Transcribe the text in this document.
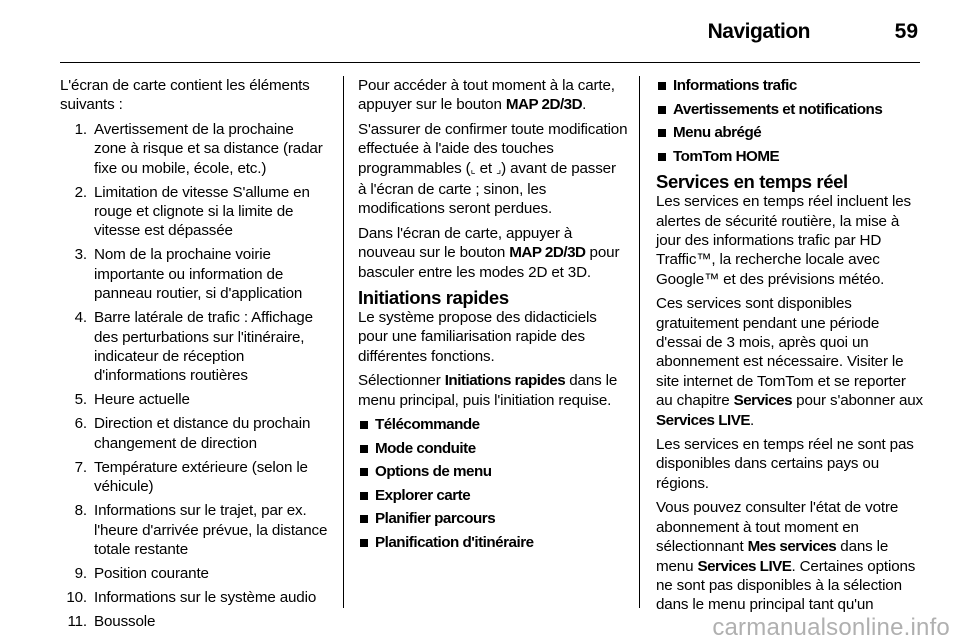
Navigation	59

L'écran de carte contient les éléments suivants :

1. Avertissement de la prochaine zone à risque et sa distance (radar fixe ou mobile, école, etc.)
2. Limitation de vitesse S'allume en rouge et clignote si la limite de vitesse est dépassée
3. Nom de la prochaine voirie importante ou information de panneau routier, si d'application
4. Barre latérale de trafic : Affichage des perturbations sur l'itinéraire, indicateur de réception d'informations routières
5. Heure actuelle
6. Direction et distance du prochain changement de direction
7. Température extérieure (selon le véhicule)
8. Informations sur le trajet, par ex. l'heure d'arrivée prévue, la distance totale restante
9. Position courante
10. Informations sur le système audio
11. Boussole

Pour accéder à tout moment à la carte, appuyer sur le bouton MAP 2D/3D.

S'assurer de confirmer toute modification effectuée à l'aide des touches programmables (⌞ et ⌟) avant de passer à l'écran de carte ; sinon, les modifications seront perdues.

Dans l'écran de carte, appuyer à nouveau sur le bouton MAP 2D/3D pour basculer entre les modes 2D et 3D.

Initiations rapides

Le système propose des didacticiels pour une familiarisation rapide des différentes fonctions.

Sélectionner Initiations rapides dans le menu principal, puis l'initiation requise.

Télécommande
Mode conduite
Options de menu
Explorer carte
Planifier parcours
Planification d'itinéraire
Informations trafic
Avertissements et notifications
Menu abrégé
TomTom HOME
Services en temps réel

Les services en temps réel incluent les alertes de sécurité routière, la mise à jour des informations trafic par HD Traffic™, la recherche locale avec Google™ et des prévisions météo.

Ces services sont disponibles gratuitement pendant une période d'essai de 3 mois, après quoi un abonnement est nécessaire. Visiter le site internet de TomTom et se reporter au chapitre Services pour s'abonner aux Services LIVE.

Les services en temps réel ne sont pas disponibles dans certains pays ou régions.

Vous pouvez consulter l'état de votre abonnement à tout moment en sélectionnant Mes services dans le menu Services LIVE. Certaines options ne sont pas disponibles à la sélection dans le menu principal tant qu'un

carmanualsonline.info
